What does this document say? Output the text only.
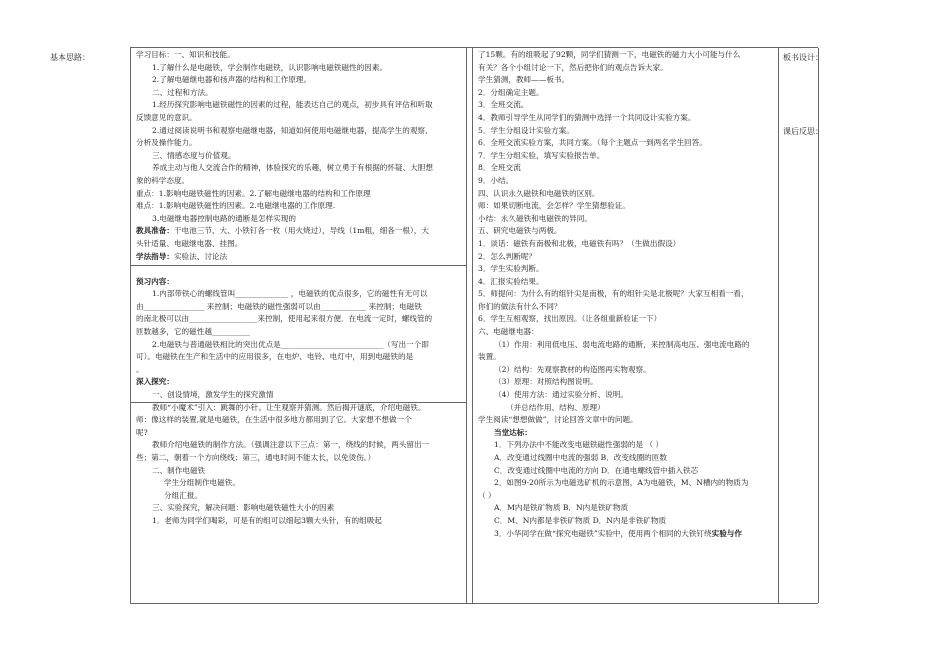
基本思路：	板书设计：
课后反思：
学习目标：一、知识和技能。
1.了解什么是电磁铁，学会制作电磁铁，认识影响电磁铁磁性的因素。
2.了解电磁继电器和扬声器的结构和工作原理。
二、过程和方法。
1.经历探究影响电磁铁磁性的因素的过程，能表达自己的观点，初步具有评估和听取
反馈意见的意识。
2.通过阅读说明书和观察电磁继电器，知道如何使用电磁继电器，提高学生的观察、
分析及操作能力。
三、情感态度与价值观。
养成主动与他人交流合作的精神，体验探究的乐趣，树立勇于有根据的怀疑、大胆想
象的科学态度。
重点：1.影响电磁铁磁性的因素。2.了解电磁继电器的结构和工作原理
难点：1.影响电磁铁磁性的因素。2.电磁继电器的工作原理.
3.电磁继电器控制电路的通断是怎样实现的
教具准备：干电池三节、大、小铁钉各一枚（用火烧过），导线（1m粗，细各一根），大
头针适量、电磁继电器、挂图。
学法指导：实验法、讨论法

预习内容：
1.内部带铁心的螺线管叫______________ ，电磁铁的优点很多，它的磁性有无可以
由________________ 来控制；电磁铁的磁性强弱可以由____________ 来控制；电磁铁
的南北极可以由__________________来控制，使用起来很方便．在电流一定时，螺线管的
匝数越多，它的磁性越__________
2.电磁铁与普通磁铁相比的突出优点是___________________________（写出一个即
可）。电磁铁在生产和生活中的应用很多，在电炉、电铃、电灯中，用到电磁铁的是
。
深入探究：
一、创设情境，激发学生的探究激情
教师“小魔术”引入：跳舞的小针。让生观察并猜测。然后揭开谜底，介绍电磁铁。
师：像这样的装置,就是电磁铁，在生活中很多地方都用到了它。大家想不想做一个
呢?
教师介绍电磁铁的制作方法。（强调注意以下三点：第一，绕线的时候，两头留出一
些；第二，朝着一个方向绕线；第三，通电时间不能太长，以免烫伤。）
二、制作电磁铁
学生分组制作电磁铁。
分组汇报。
三、实验探究，解决问题：影响电磁铁磁性大小的因素
1．老师为同学们喝彩，可是有的组可以细起3颗大头针，有的组吸起
了15颗。有的组吸起了92颗，同学们猜测一下，电磁铁的磁力大小可能与什么
有关？各个小组讨论一下，然后把你们的观点告诉大家。
学生猜测，教师——板书。
2．分组确定主题。
3．全班交流。
4．教师引导学生从同学们的猜测中选择一个共同设计实验方案。
5．学生分组设计实验方案。
6．全班交流实验方案，共同方案。（每个主题点一到两名学生回答。
7．学生分组实验，填写实验报告单。
8．全班交流
9．小结。
四、认识永久磁铁和电磁铁的区别。
师：如果切断电流，会怎样？学生猜想验证。
小结：永久磁铁和电磁铁的异同。
五、研究电磁铁与两极。
1．谈话：磁铁有南极和北极，电磁铁有吗？（生做出假设）
2．怎么判断呢？
3．学生实验判断。
4．汇报实验结果。
5．师提问：为什么有的组针尖是南极，有的组针尖是北极呢？大家互相看一看，
你们的做法有什么不同？
6．学生互相观察，找出原因。（让各组重新验证一下）
六、电磁继电器：
（1）作用：利用低电压、弱电流电路的通断，来控制高电压、强电流电路的
装置。
（2）结构：先观察教材的构造图再实物观察。
（3）原理：对照结构图说明。
（4）使用方法：通过实验分析、说明。
（并总结作用、结构、原理）
学生阅读“想想做做”，讨论回答文章中的问题。
当堂达标：
1．下列办法中不能改变电磁铁磁性强弱的是 （ ）
A．改变通过线圈中电流的强弱 B．改变线圈的匝数
C．改变通过线圈中电流的方向 D．在通电螺线管中插入铁芯
2．如图9-20所示为电磁选矿机的示意图，A为电磁铁，M、N槽内的物质为
（ ）
A．M内是铁矿物质 B．N内是铁矿物质
C．M、N内都是非铁矿物质 D．N内是非铁矿物质
3．小华同学在做“探究电磁铁”实验中，使用两个相同的大铁钉绕实验与作
